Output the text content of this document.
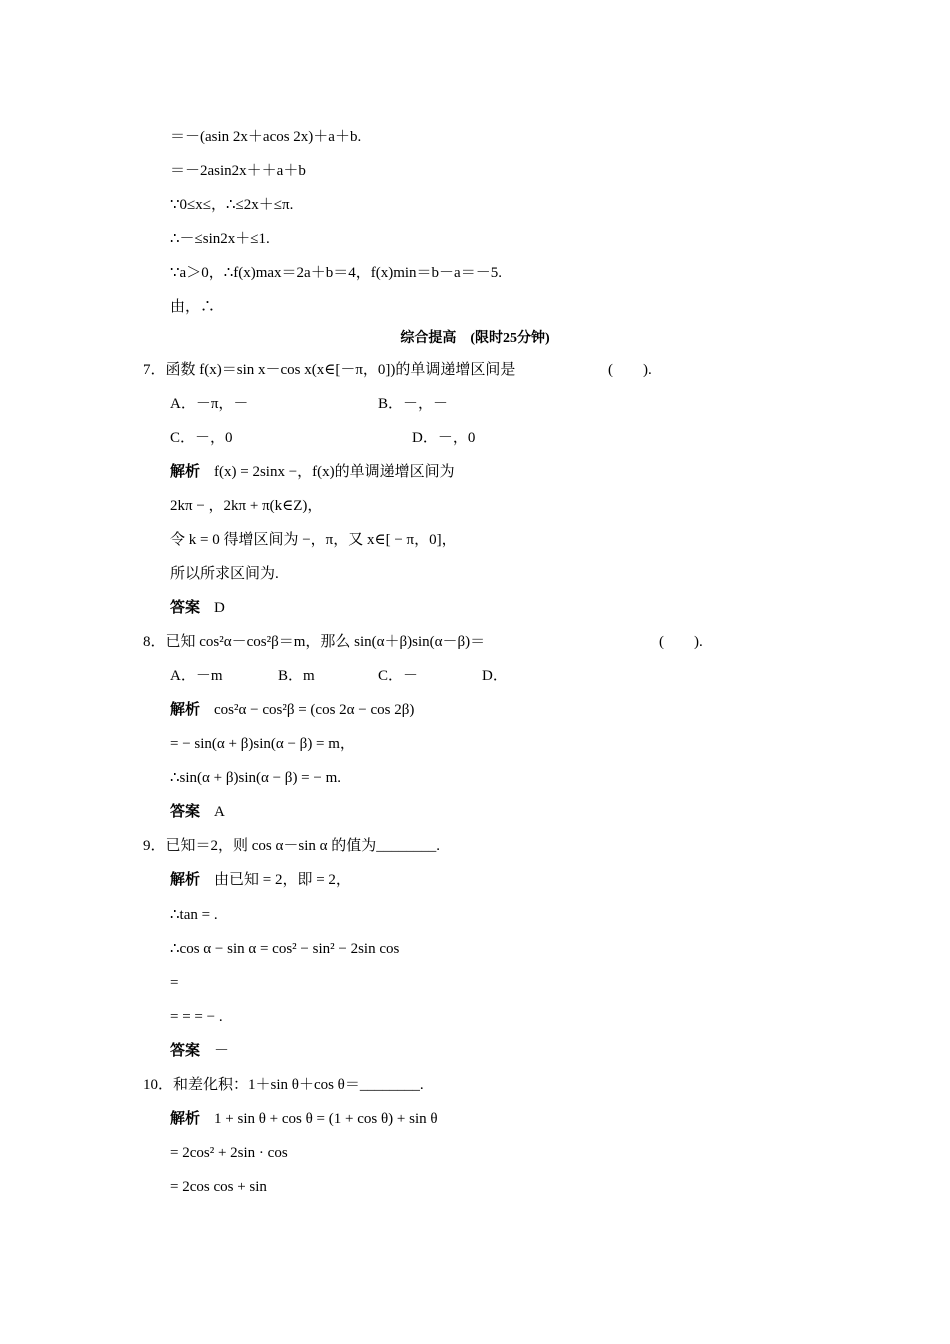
＝－(asin 2x＋acos 2x)＋a＋b.
＝－2asin2x＋＋a＋b
∵0≤x≤，∴≤2x＋≤π.
∴－≤sin2x＋≤1.
∵a＞0，∴f(x)max＝2a＋b＝4，f(x)min＝b－a＝－5.
由，∴
综合提高　(限时25分钟)
7．函数 f(x)＝sin x－cos x(x∈[－π，0])的单调递增区间是	(　　).
A．－π，－	B．－，－
C．－，0	D．－，0
解析 f(x) = 2sinx −，f(x)的单调递增区间为
2kπ − ，2kπ + π(k∈Z)，
令 k = 0 得增区间为 −，π，又 x∈[ − π，0]，
所以所求区间为.
答案 D
8．已知 cos²α－cos²β＝m，那么 sin(α＋β)sin(α－β)＝	(　　).
A．－m	B．m	C．－	D．
解析 cos²α − cos²β = (cos 2α − cos 2β)
= − sin(α + β)sin(α − β) = m，
∴sin(α + β)sin(α − β) = − m.
答案 A
9．已知＝2，则 cos α－sin α 的值为________.
解析 由已知 = 2，即 = 2，
∴tan = .
∴cos α − sin α = cos² − sin² − 2sin cos
=
= = = − .
答案 －
10．和差化积：1＋sin θ＋cos θ＝________.
解析 1 + sin θ + cos θ = (1 + cos θ) + sin θ
= 2cos² + 2sin · cos
= 2cos cos + sin
